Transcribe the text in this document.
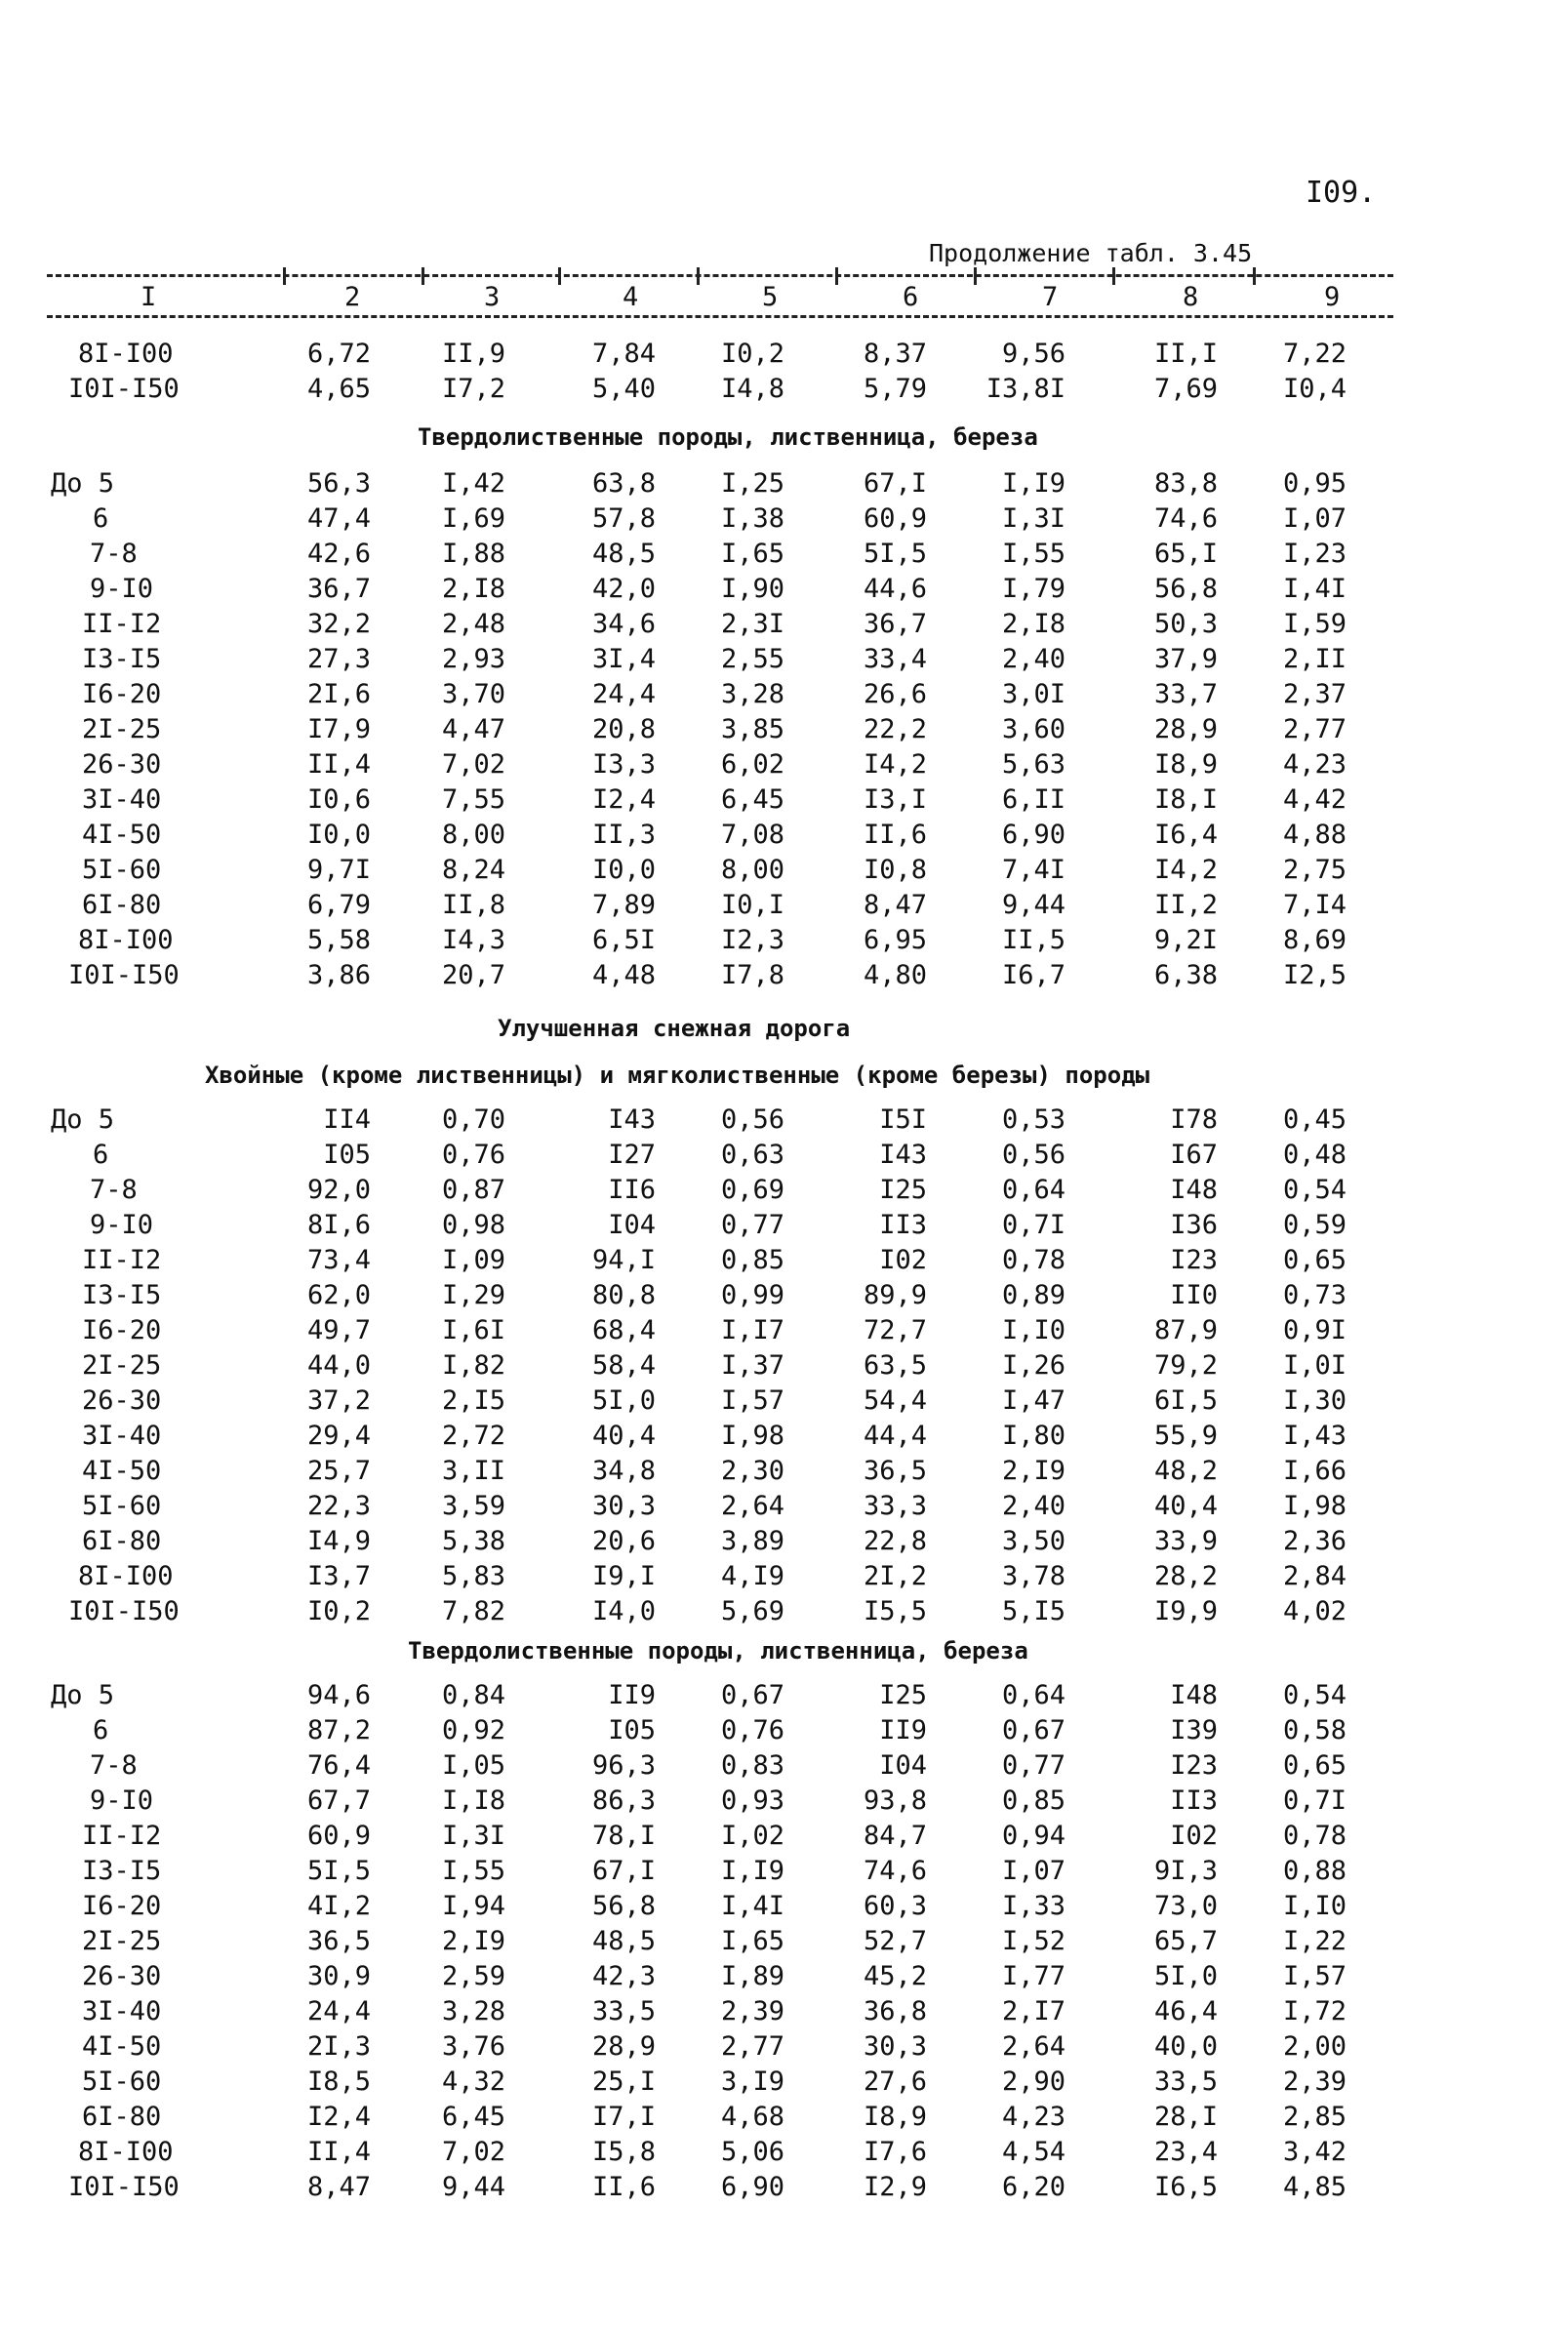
I09.
Продолжение табл. 3.45
I	2	3	4	5	6	7	8	9
8I-I00	6,72	II,9	7,84	I0,2	8,37	9,56	II,I	7,22
I0I-I50	4,65	I7,2	5,40	I4,8	5,79	I3,8I	7,69	I0,4
Твердолиственные породы, лиственница, береза
До 5	56,3	I,42	63,8	I,25	67,I	I,I9	83,8	0,95
6	47,4	I,69	57,8	I,38	60,9	I,3I	74,6	I,07
7-8	42,6	I,88	48,5	I,65	5I,5	I,55	65,I	I,23
9-I0	36,7	2,I8	42,0	I,90	44,6	I,79	56,8	I,4I
II-I2	32,2	2,48	34,6	2,3I	36,7	2,I8	50,3	I,59
I3-I5	27,3	2,93	3I,4	2,55	33,4	2,40	37,9	2,II
I6-20	2I,6	3,70	24,4	3,28	26,6	3,0I	33,7	2,37
2I-25	I7,9	4,47	20,8	3,85	22,2	3,60	28,9	2,77
26-30	II,4	7,02	I3,3	6,02	I4,2	5,63	I8,9	4,23
3I-40	I0,6	7,55	I2,4	6,45	I3,I	6,II	I8,I	4,42
4I-50	I0,0	8,00	II,3	7,08	II,6	6,90	I6,4	4,88
5I-60	9,7I	8,24	I0,0	8,00	I0,8	7,4I	I4,2	2,75
6I-80	6,79	II,8	7,89	I0,I	8,47	9,44	II,2	7,I4
8I-I00	5,58	I4,3	6,5I	I2,3	6,95	II,5	9,2I	8,69
I0I-I50	3,86	20,7	4,48	I7,8	4,80	I6,7	6,38	I2,5
Улучшенная снежная дорога
Хвойные (кроме лиственницы) и мягколиственные (кроме березы) породы
До 5	II4	0,70	I43	0,56	I5I	0,53	I78	0,45
6	I05	0,76	I27	0,63	I43	0,56	I67	0,48
7-8	92,0	0,87	II6	0,69	I25	0,64	I48	0,54
9-I0	8I,6	0,98	I04	0,77	II3	0,7I	I36	0,59
II-I2	73,4	I,09	94,I	0,85	I02	0,78	I23	0,65
I3-I5	62,0	I,29	80,8	0,99	89,9	0,89	II0	0,73
I6-20	49,7	I,6I	68,4	I,I7	72,7	I,I0	87,9	0,9I
2I-25	44,0	I,82	58,4	I,37	63,5	I,26	79,2	I,0I
26-30	37,2	2,I5	5I,0	I,57	54,4	I,47	6I,5	I,30
3I-40	29,4	2,72	40,4	I,98	44,4	I,80	55,9	I,43
4I-50	25,7	3,II	34,8	2,30	36,5	2,I9	48,2	I,66
5I-60	22,3	3,59	30,3	2,64	33,3	2,40	40,4	I,98
6I-80	I4,9	5,38	20,6	3,89	22,8	3,50	33,9	2,36
8I-I00	I3,7	5,83	I9,I	4,I9	2I,2	3,78	28,2	2,84
I0I-I50	I0,2	7,82	I4,0	5,69	I5,5	5,I5	I9,9	4,02
Твердолиственные породы, лиственница, береза
До 5	94,6	0,84	II9	0,67	I25	0,64	I48	0,54
6	87,2	0,92	I05	0,76	II9	0,67	I39	0,58
7-8	76,4	I,05	96,3	0,83	I04	0,77	I23	0,65
9-I0	67,7	I,I8	86,3	0,93	93,8	0,85	II3	0,7I
II-I2	60,9	I,3I	78,I	I,02	84,7	0,94	I02	0,78
I3-I5	5I,5	I,55	67,I	I,I9	74,6	I,07	9I,3	0,88
I6-20	4I,2	I,94	56,8	I,4I	60,3	I,33	73,0	I,I0
2I-25	36,5	2,I9	48,5	I,65	52,7	I,52	65,7	I,22
26-30	30,9	2,59	42,3	I,89	45,2	I,77	5I,0	I,57
3I-40	24,4	3,28	33,5	2,39	36,8	2,I7	46,4	I,72
4I-50	2I,3	3,76	28,9	2,77	30,3	2,64	40,0	2,00
5I-60	I8,5	4,32	25,I	3,I9	27,6	2,90	33,5	2,39
6I-80	I2,4	6,45	I7,I	4,68	I8,9	4,23	28,I	2,85
8I-I00	II,4	7,02	I5,8	5,06	I7,6	4,54	23,4	3,42
I0I-I50	8,47	9,44	II,6	6,90	I2,9	6,20	I6,5	4,85
